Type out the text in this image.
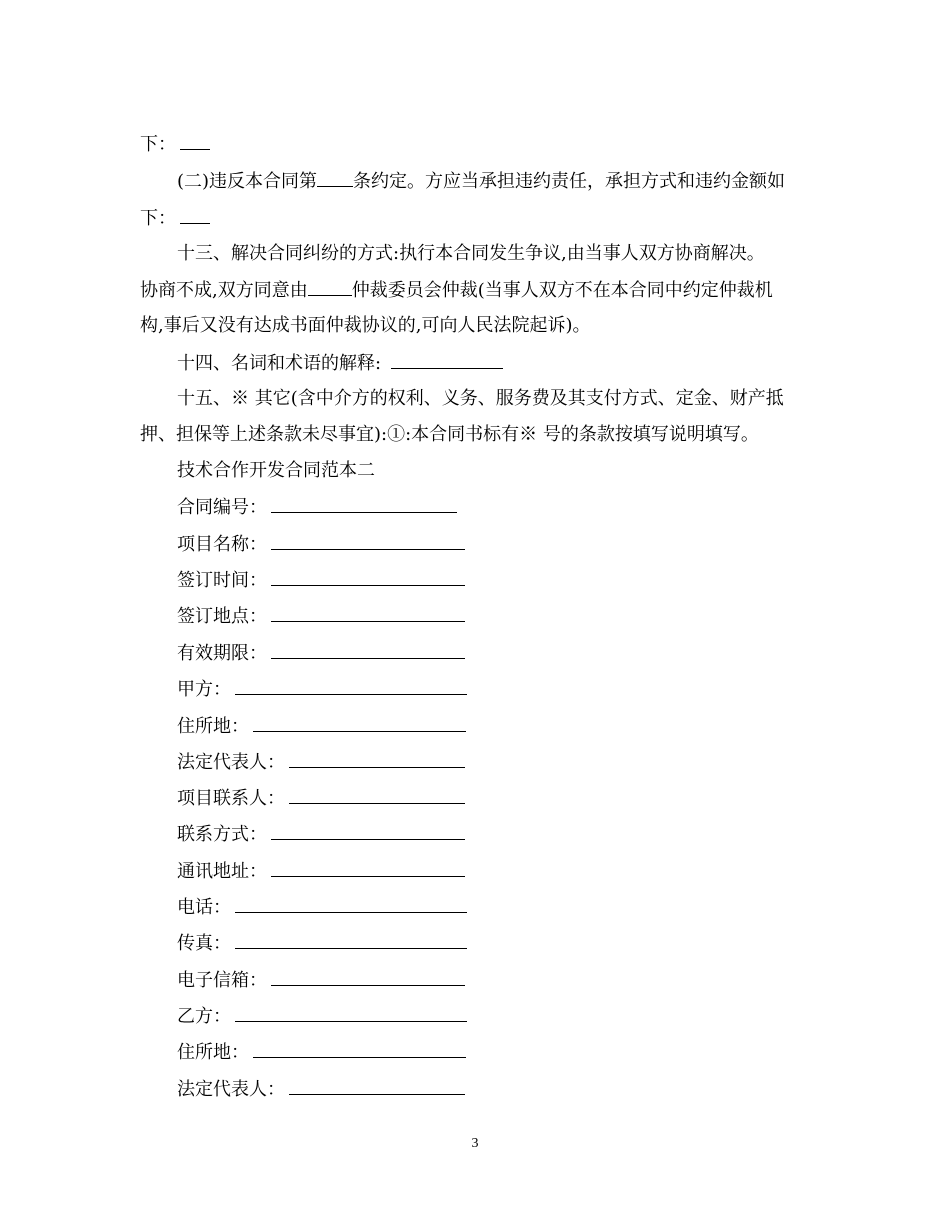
下：
(二)违反本合同第 条约定。方应当承担违约责任，承担方式和违约金额如
下：
十三、解决合同纠纷的方式:执行本合同发生争议,由当事人双方协商解决。
协商不成,双方同意由 仲裁委员会仲裁(当事人双方不在本合同中约定仲裁机
构,事后又没有达成书面仲裁协议的,可向人民法院起诉)。
十四、名词和术语的解释:
十五、※ 其它(含中介方的权利、义务、服务费及其支付方式、定金、财产抵
押、担保等上述条款未尽事宜):①:本合同书标有※ 号的条款按填写说明填写。
技术合作开发合同范本二
合同编号：
项目名称：
签订时间：
签订地点：
有效期限：
甲方：
住所地：
法定代表人：
项目联系人：
联系方式：
通讯地址：
电话：
传真：
电子信箱：
乙方：
住所地：
法定代表人：
3
